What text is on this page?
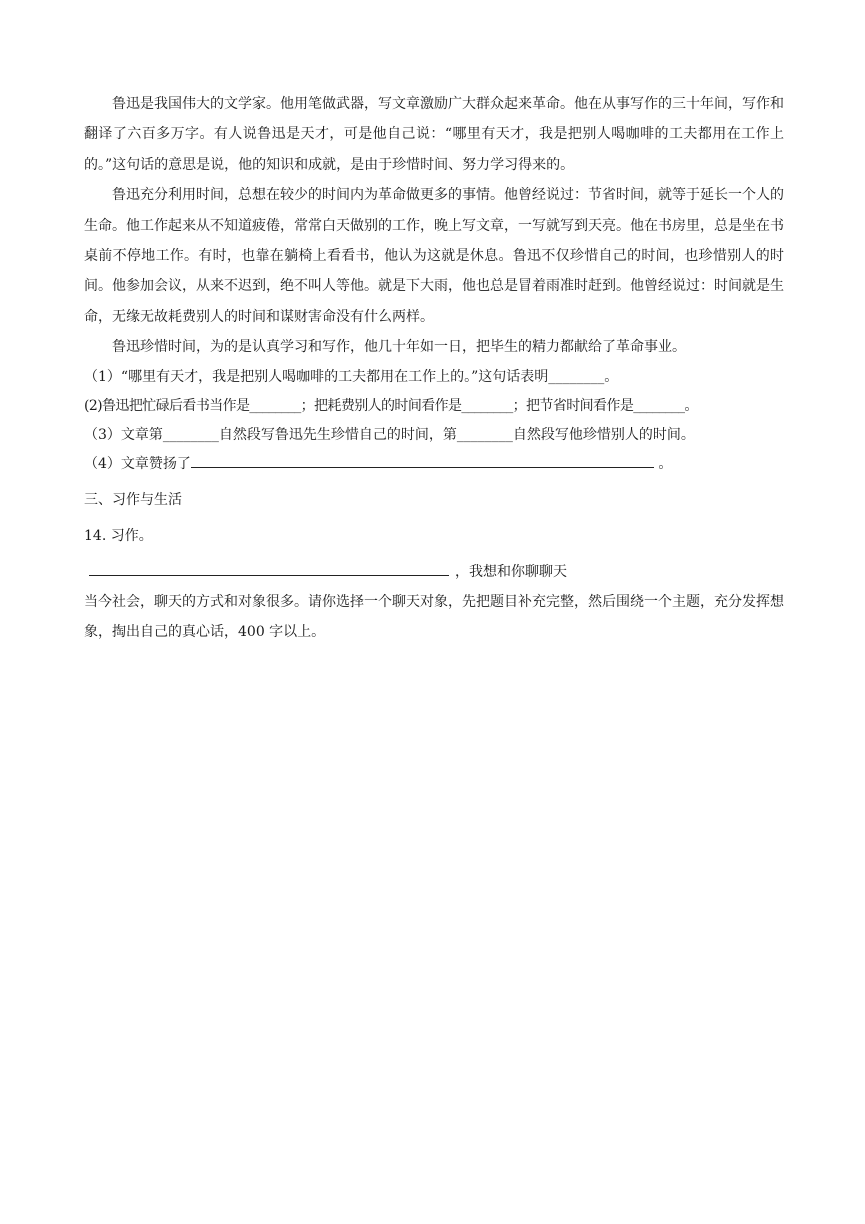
鲁迅是我国伟大的文学家。他用笔做武器，写文章激励广大群众起来革命。他在从事写作的三十年间，写作和翻译了六百多万字。有人说鲁迅是天才，可是他自己说：“哪里有天才，我是把别人喝咖啡的工夫都用在工作上的。”这句话的意思是说，他的知识和成就，是由于珍惜时间、努力学习得来的。

鲁迅充分利用时间，总想在较少的时间内为革命做更多的事情。他曾经说过：节省时间，就等于延长一个人的生命。他工作起来从不知道疲倦，常常白天做别的工作，晚上写文章，一写就写到天亮。他在书房里，总是坐在书桌前不停地工作。有时，也靠在躺椅上看看书，他认为这就是休息。鲁迅不仅珍惜自己的时间，也珍惜别人的时间。他参加会议，从来不迟到，绝不叫人等他。就是下大雨，他也总是冒着雨准时赶到。他曾经说过：时间就是生命，无缘无故耗费别人的时间和谋财害命没有什么两样。

鲁迅珍惜时间，为的是认真学习和写作，他几十年如一日，把毕生的精力都献给了革命事业。

（1）“哪里有天才，我是把别人喝咖啡的工夫都用在工作上的。”这句话表明________。

(2)鲁迅把忙碌后看书当作是________；把耗费别人的时间看作是________；把节省时间看作是________。

（3）文章第________自然段写鲁迅先生珍惜自己的时间，第________自然段写他珍惜别人的时间。

（4）文章赞扬了	。

三、习作与生活

14. 习作。

，我想和你聊聊天

当今社会，聊天的方式和对象很多。请你选择一个聊天对象，先把题目补充完整，然后围绕一个主题，充分发挥想象，掏出自己的真心话，400 字以上。
